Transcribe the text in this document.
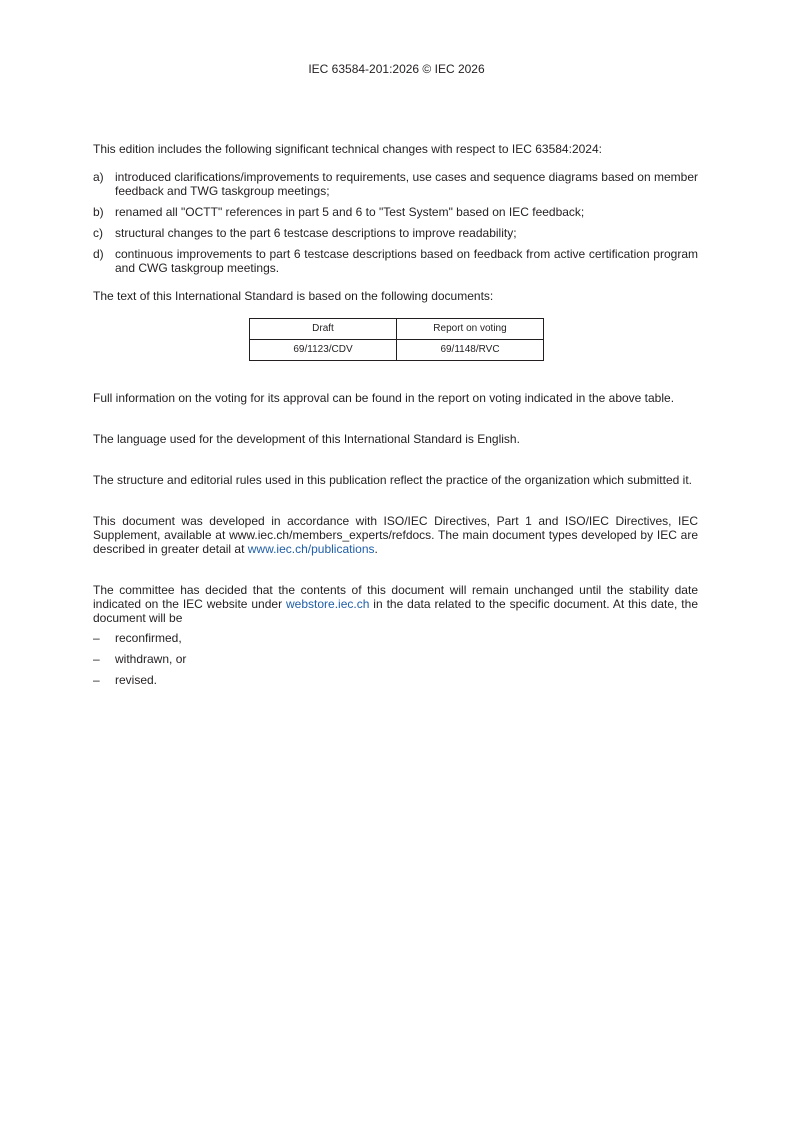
IEC 63584-201:2026 © IEC 2026

This edition includes the following significant technical changes with respect to IEC 63584:2024:

a) introduced clarifications/improvements to requirements, use cases and sequence diagrams based on member feedback and TWG taskgroup meetings;
b) renamed all "OCTT" references in part 5 and 6 to "Test System" based on IEC feedback;
c) structural changes to the part 6 testcase descriptions to improve readability;
d) continuous improvements to part 6 testcase descriptions based on feedback from active certification program and CWG taskgroup meetings.

The text of this International Standard is based on the following documents:

Draft	Report on voting
69/1123/CDV	69/1148/RVC

Full information on the voting for its approval can be found in the report on voting indicated in the above table.

The language used for the development of this International Standard is English.

The structure and editorial rules used in this publication reflect the practice of the organization which submitted it.

This document was developed in accordance with ISO/IEC Directives, Part 1 and ISO/IEC Directives, IEC Supplement, available at www.iec.ch/members_experts/refdocs. The main document types developed by IEC are described in greater detail at www.iec.ch/publications.

The committee has decided that the contents of this document will remain unchanged until the stability date indicated on the IEC website under webstore.iec.ch in the data related to the specific document. At this date, the document will be

– reconfirmed,
– withdrawn, or
– revised.
